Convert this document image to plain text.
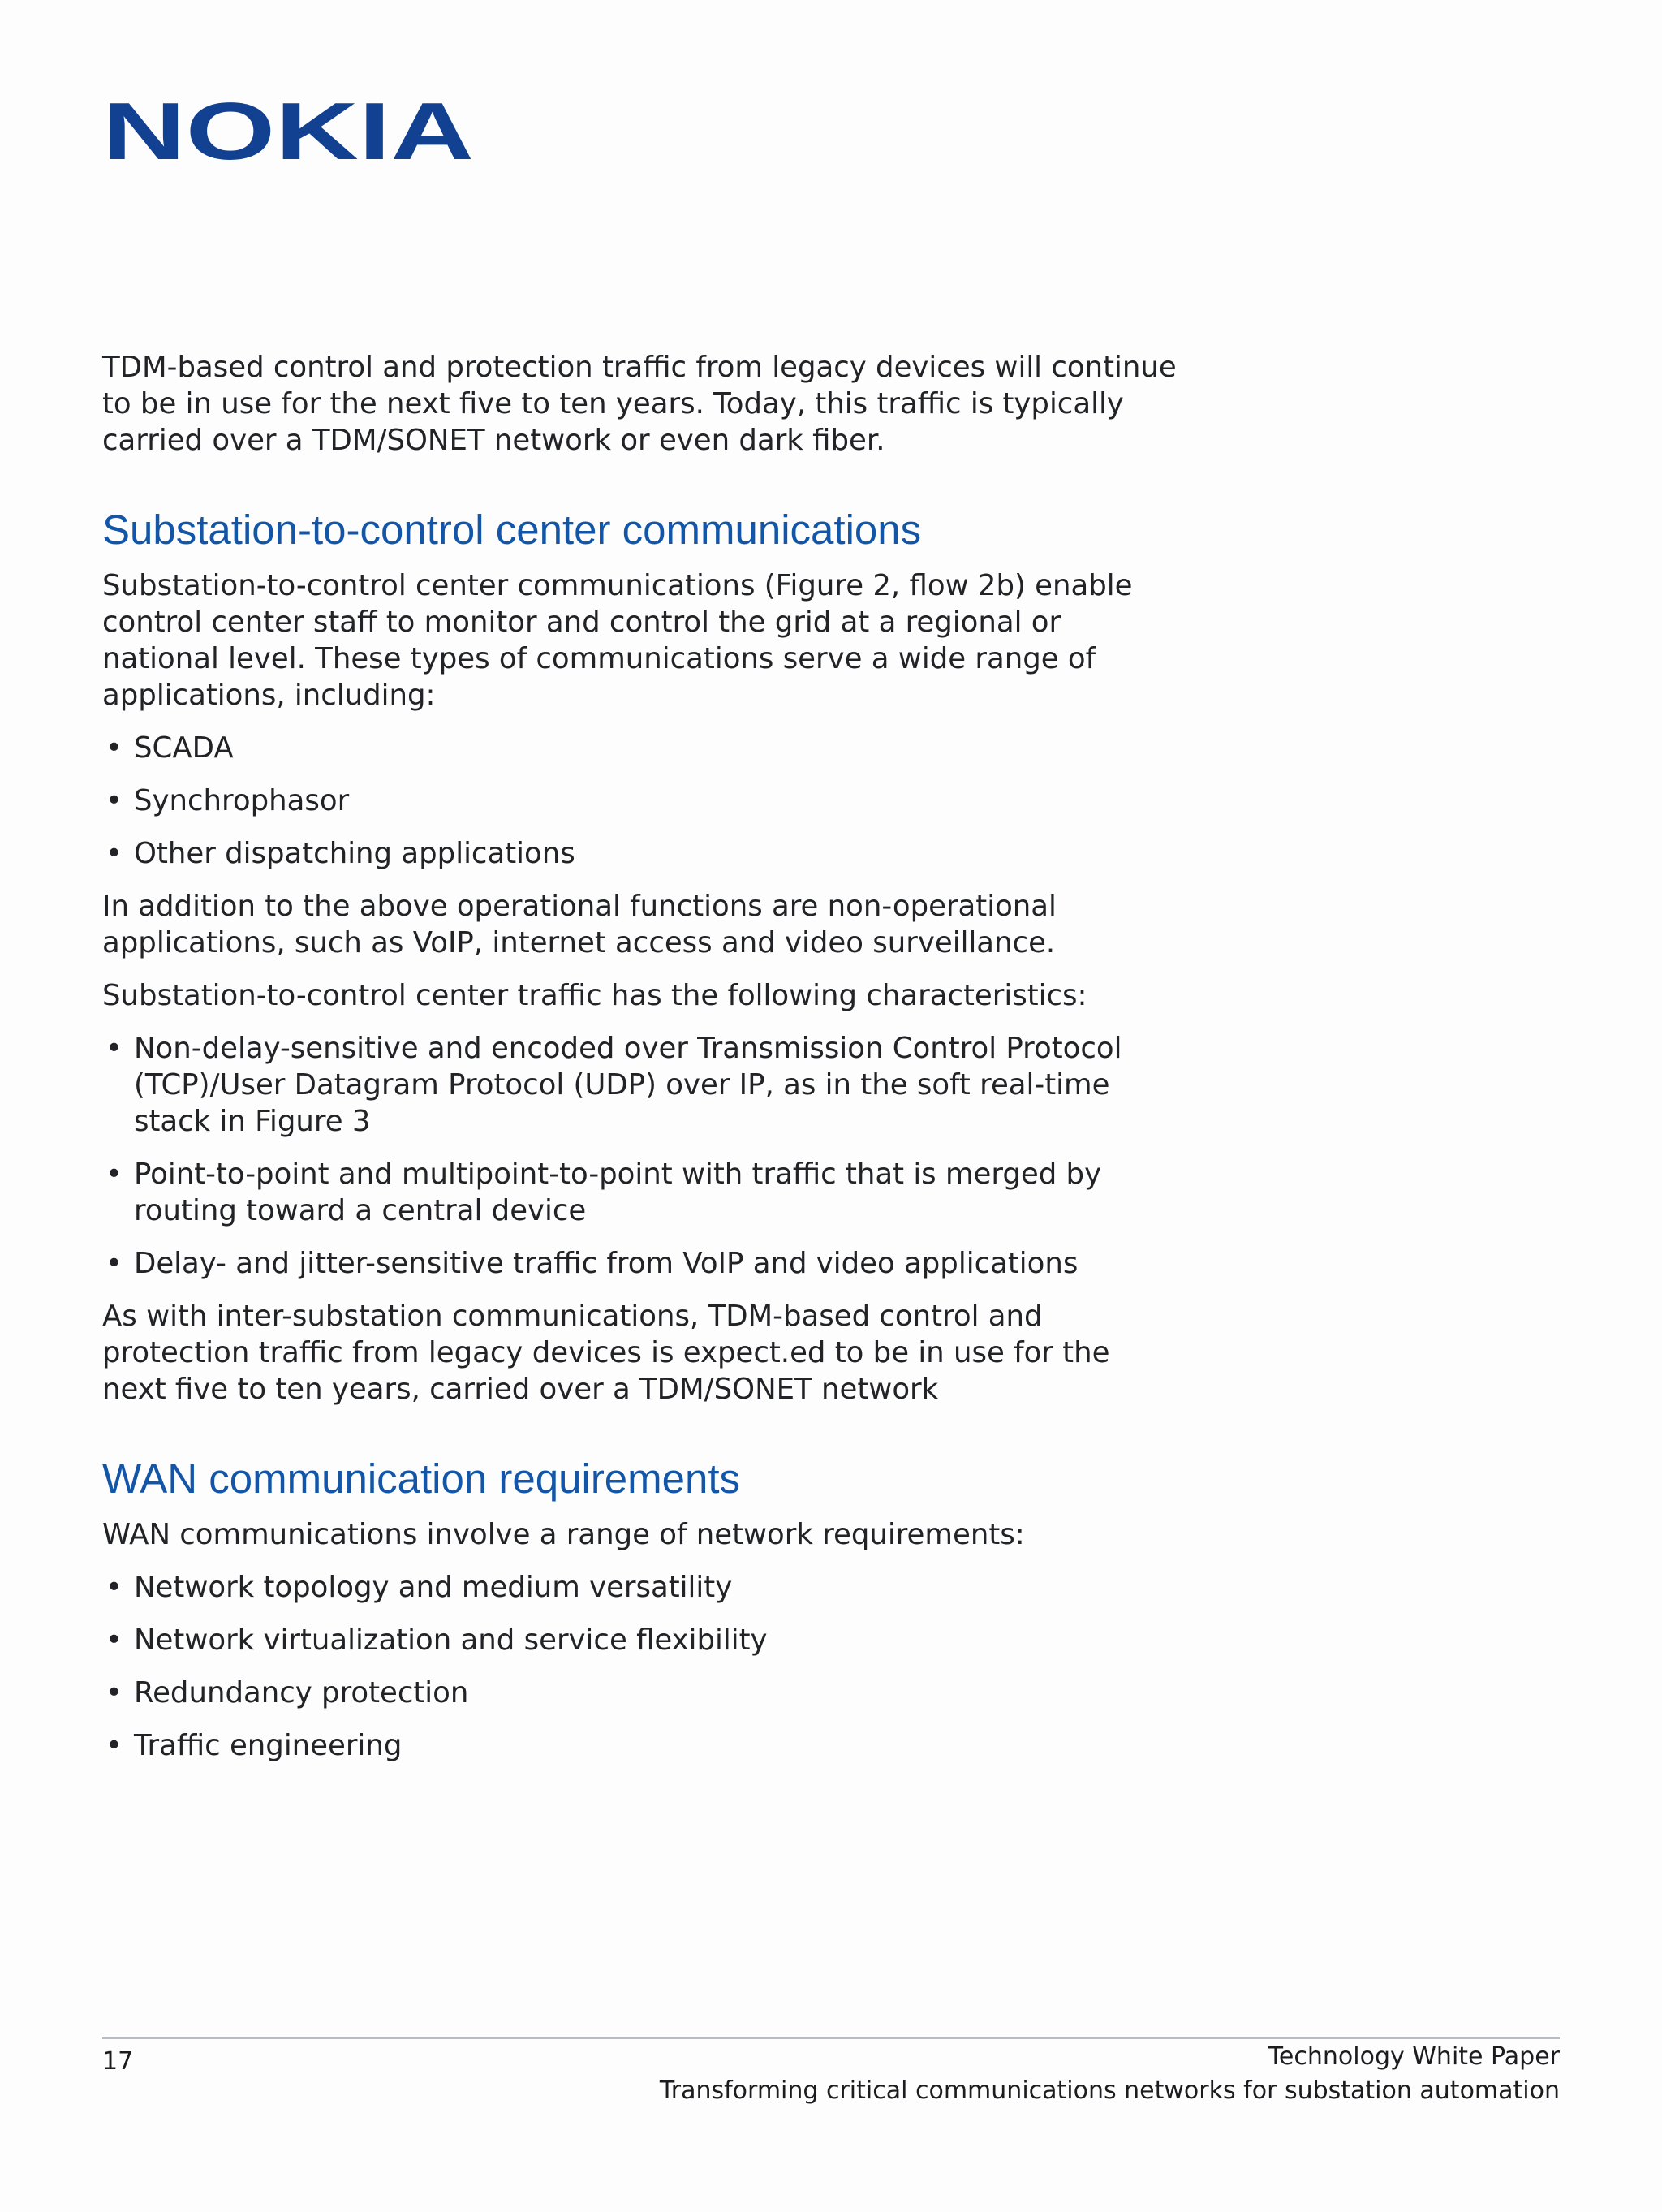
NOKIA

TDM-based control and protection traffic from legacy devices will continue to be in use for the next five to ten years. Today, this traffic is typically carried over a TDM/SONET network or even dark fiber.

Substation-to-control center communications

Substation-to-control center communications (Figure 2, flow 2b) enable control center staff to monitor and control the grid at a regional or national level. These types of communications serve a wide range of applications, including:

• SCADA
• Synchrophasor
• Other dispatching applications

In addition to the above operational functions are non-operational applications, such as VoIP, internet access and video surveillance.

Substation-to-control center traffic has the following characteristics:

• Non-delay-sensitive and encoded over Transmission Control Protocol (TCP)/User Datagram Protocol (UDP) over IP, as in the soft real-time stack in Figure 3
• Point-to-point and multipoint-to-point with traffic that is merged by routing toward a central device
• Delay- and jitter-sensitive traffic from VoIP and video applications

As with inter-substation communications, TDM-based control and protection traffic from legacy devices is expect.ed to be in use for the next five to ten years, carried over a TDM/SONET network

WAN communication requirements

WAN communications involve a range of network requirements:

• Network topology and medium versatility
• Network virtualization and service flexibility
• Redundancy protection
• Traffic engineering
17	Technology White Paper
Transforming critical communications networks for substation automation
